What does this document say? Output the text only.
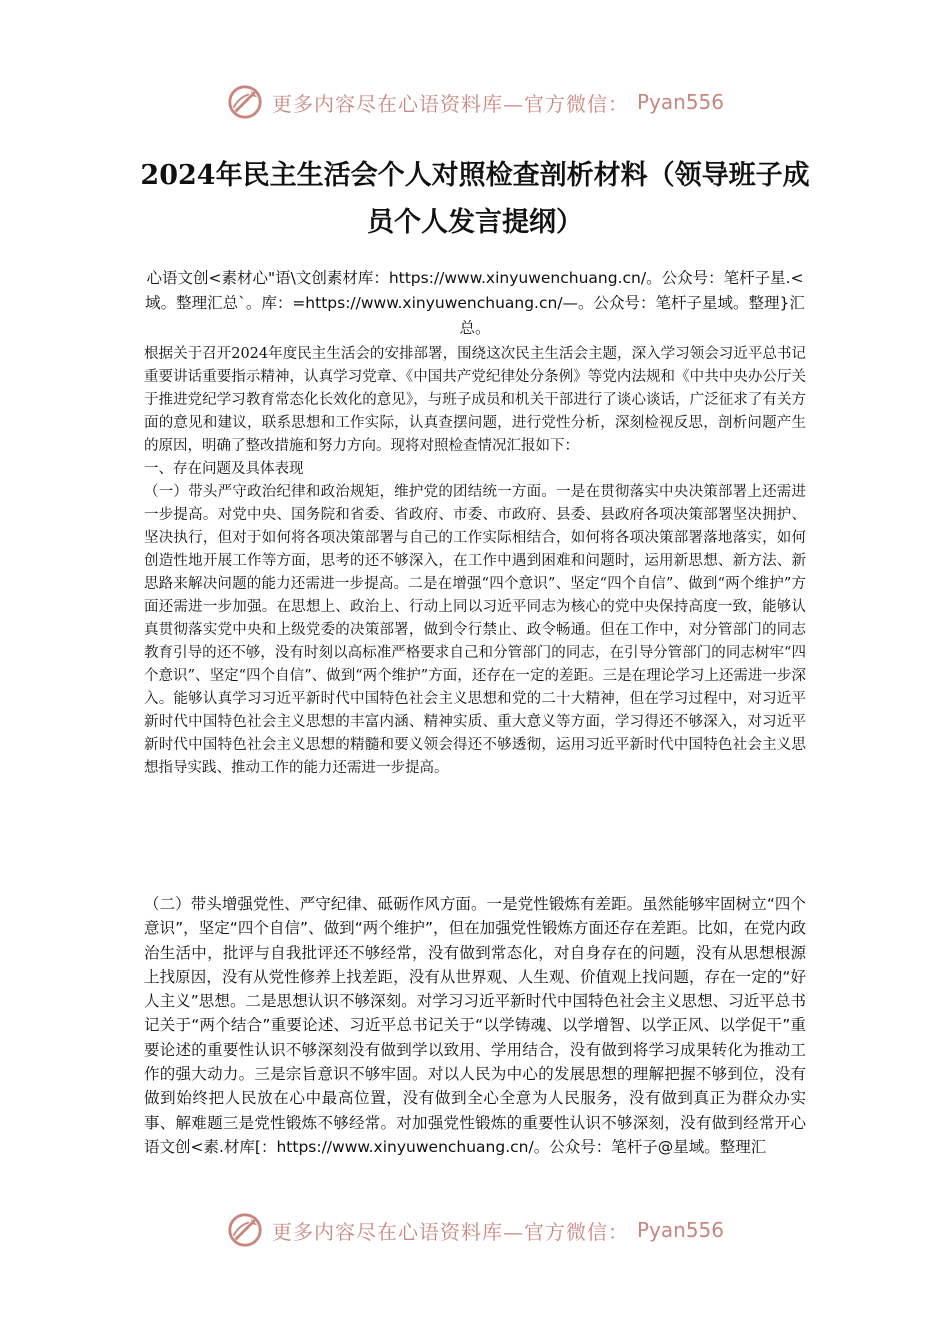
更多内容尽在心语资料库—官方微信： Pyan556
2024年民主生活会个人对照检查剖析材料（领导班子成员个人发言提纲）
心语文创<素材心"语\文创素材库：https://www.xinyuwenchuang.cn/。公众号：笔杆子星.<域。整理汇总`。库：=https://www.xinyuwenchuang.cn/—。公众号：笔杆子星域。整理}汇总。

根据关于召开2024年度民主生活会的安排部署，围绕这次民主生活会主题，深入学习领会习近平总书记重要讲话重要指示精神，认真学习党章、《中国共产党纪律处分条例》等党内法规和《中共中央办公厅关于推进党纪学习教育常态化长效化的意见》，与班子成员和机关干部进行了谈心谈话，广泛征求了有关方面的意见和建议，联系思想和工作实际，认真查摆问题，进行党性分析，深刻检视反思，剖析问题产生的原因，明确了整改措施和努力方向。现将对照检查情况汇报如下：

一、存在问题及具体表现

（一）带头严守政治纪律和政治规矩，维护党的团结统一方面。一是在贯彻落实中央决策部署上还需进一步提高。对党中央、国务院和省委、省政府、市委、市政府、县委、县政府各项决策部署坚决拥护、坚决执行，但对于如何将各项决策部署与自己的工作实际相结合，如何将各项决策部署落地落实，如何创造性地开展工作等方面，思考的还不够深入，在工作中遇到困难和问题时，运用新思想、新方法、新思路来解决问题的能力还需进一步提高。二是在增强“四个意识”、坚定“四个自信”、做到“两个维护”方面还需进一步加强。在思想上、政治上、行动上同以习近平同志为核心的党中央保持高度一致，能够认真贯彻落实党中央和上级党委的决策部署，做到令行禁止、政令畅通。但在工作中，对分管部门的同志教育引导的还不够，没有时刻以高标准严格要求自己和分管部门的同志，在引导分管部门的同志树牢“四个意识”、坚定“四个自信”、做到“两个维护”方面，还存在一定的差距。三是在理论学习上还需进一步深入。能够认真学习习近平新时代中国特色社会主义思想和党的二十大精神，但在学习过程中，对习近平新时代中国特色社会主义思想的丰富内涵、精神实质、重大意义等方面，学习得还不够深入，对习近平新时代中国特色社会主义思想的精髓和要义领会得还不够透彻，运用习近平新时代中国特色社会主义思想指导实践、推动工作的能力还需进一步提高。

（二）带头增强党性、严守纪律、砥砺作风方面。一是党性锻炼有差距。虽然能够牢固树立“四个意识”，坚定“四个自信”、做到“两个维护”，但在加强党性锻炼方面还存在差距。比如，在党内政治生活中，批评与自我批评还不够经常，没有做到常态化，对自身存在的问题，没有从思想根源上找原因，没有从党性修养上找差距，没有从世界观、人生观、价值观上找问题，存在一定的“好人主义”思想。二是思想认识不够深刻。对学习习近平新时代中国特色社会主义思想、习近平总书记关于“两个结合”重要论述、习近平总书记关于“以学铸魂、以学增智、以学正风、以学促干”重要论述的重要性认识不够深刻没有做到学以致用、学用结合，没有做到将学习成果转化为推动工作的强大动力。三是宗旨意识不够牢固。对以人民为中心的发展思想的理解把握不够到位，没有做到始终把人民放在心中最高位置，没有做到全心全意为人民服务，没有做到真正为群众办实事、解难题三是党性锻炼不够经常。对加强党性锻炼的重要性认识不够深刻，没有做到经常开心语文创<素.材库[：https://www.xinyuwenchuang.cn/。公众号：笔杆子@星域。整理汇

更多内容尽在心语资料库—官方微信： Pyan556
